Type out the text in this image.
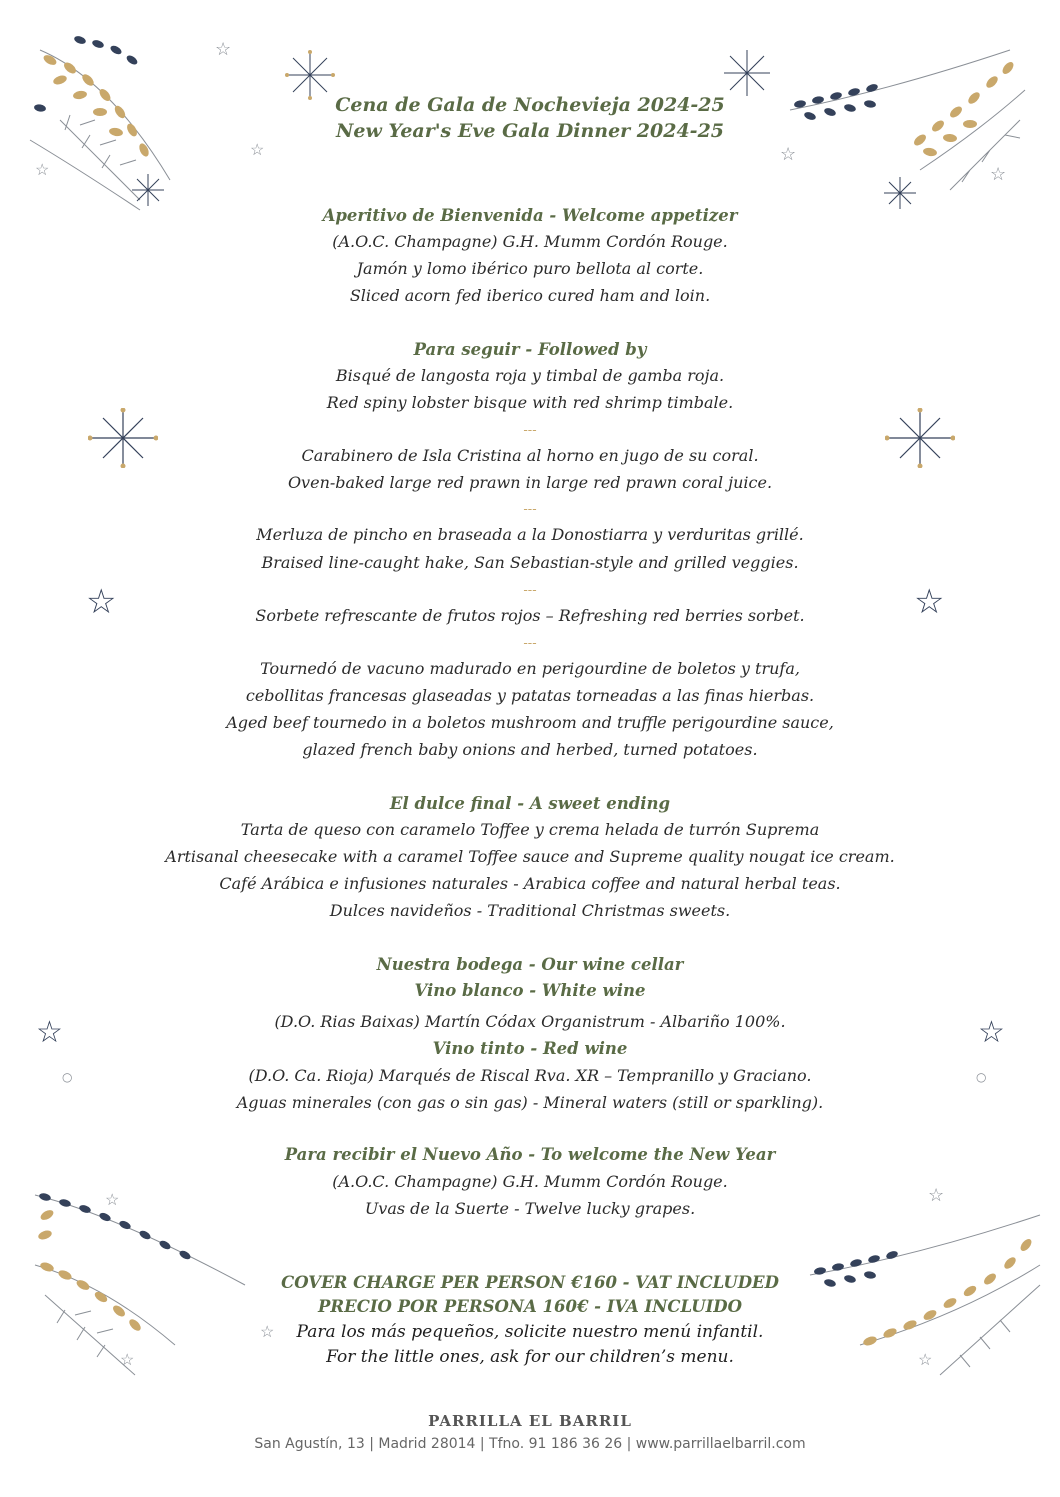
☆
☆
☆
☆
☆
☆	☆
☆	☆
○	○
☆
☆
☆
☆
☆
Cena de Gala de Nochevieja 2024-25
New Year's Eve Gala Dinner 2024-25
Aperitivo de Bienvenida - Welcome appetizer
(A.O.C. Champagne) G.H. Mumm Cordón Rouge.
Jamón y lomo ibérico puro bellota al corte.
Sliced acorn fed iberico cured ham and loin.
Para seguir - Followed by
Bisqué de langosta roja y timbal de gamba roja.
Red spiny lobster bisque with red shrimp timbale.
---
Carabinero de Isla Cristina al horno en jugo de su coral.
Oven-baked large red prawn in large red prawn coral juice.
---
Merluza de pincho en braseada a la Donostiarra y verduritas grillé.
Braised line-caught hake, San Sebastian-style and grilled veggies.
---
Sorbete refrescante de frutos rojos – Refreshing red berries sorbet.
---
Tournedó de vacuno madurado en perigourdine de boletos y trufa,
cebollitas francesas glaseadas y patatas torneadas a las finas hierbas.
Aged beef tournedo in a boletos mushroom and truffle perigourdine sauce,
glazed french baby onions and herbed, turned potatoes.
El dulce final - A sweet ending
Tarta de queso con caramelo Toffee y crema helada de turrón Suprema
Artisanal cheesecake with a caramel Toffee sauce and Supreme quality nougat ice cream.
Café Arábica e infusiones naturales - Arabica coffee and natural herbal teas.
Dulces navideños - Traditional Christmas sweets.
Nuestra bodega - Our wine cellar
Vino blanco - White wine
(D.O. Rias Baixas) Martín Códax Organistrum - Albariño 100%.
Vino tinto - Red wine
(D.O. Ca. Rioja) Marqués de Riscal Rva. XR – Tempranillo y Graciano.
Aguas minerales (con gas o sin gas) - Mineral waters (still or sparkling).
Para recibir el Nuevo Año - To welcome the New Year
(A.O.C. Champagne) G.H. Mumm Cordón Rouge.
Uvas de la Suerte - Twelve lucky grapes.
COVER CHARGE PER PERSON €160 - VAT INCLUDED
PRECIO POR PERSONA 160€ - IVA INCLUIDO
Para los más pequeños, solicite nuestro menú infantil.
For the little ones, ask for our children’s menu.
PARRILLA EL BARRIL
San Agustín, 13 | Madrid 28014 | Tfno. 91 186 36 26 | www.parrillaelbarril.com
